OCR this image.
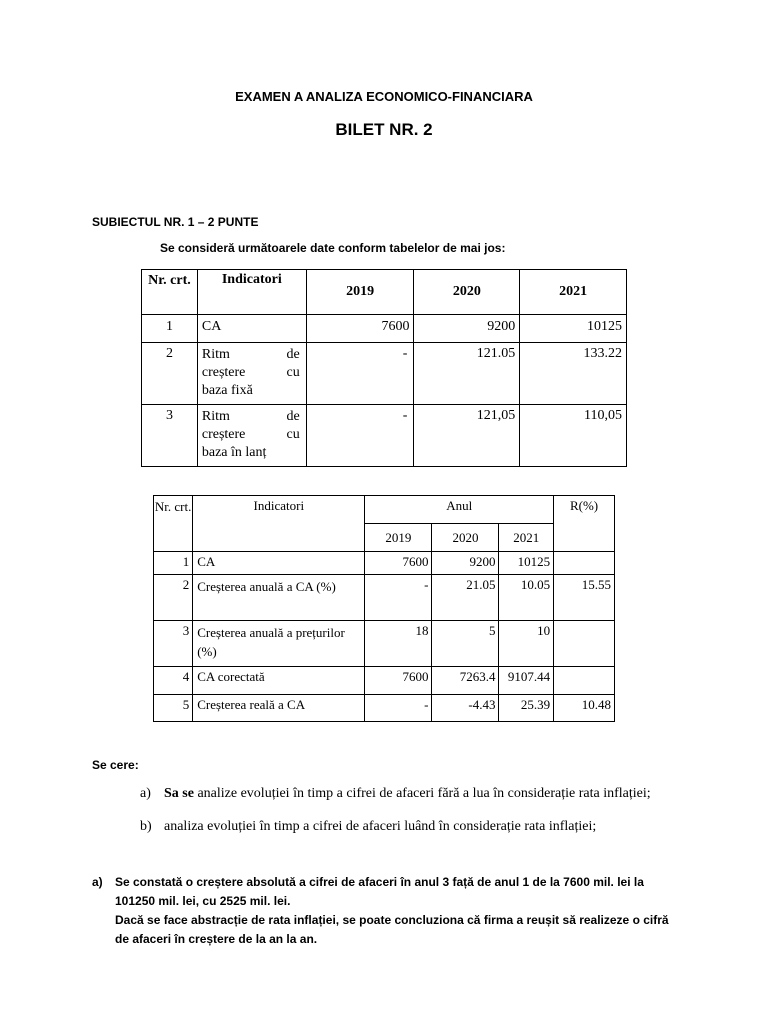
EXAMEN A ANALIZA ECONOMICO-FINANCIARA
BILET NR. 2
SUBIECTUL NR. 1 – 2 PUNTE
Se consideră următoarele date conform tabelelor de mai jos:
Nr. crt.	Indicatori	2019	2020	2021
1	CA	7600	9200	10125
2	Ritm de
creștere cu
baza fixă	-	121.05	133.22
3	Ritm de
creștere cu
baza în lanț	-	121,05	110,05
Nr. crt.	Indicatori	Anul			R(%)
		2019	2020	2021	
1	CA	7600	9200	10125	
2	Creșterea anuală a CA (%)	-	21.05	10.05	15.55
3	Creșterea anuală a prețurilor (%)	18	5	10	
4	CA corectată	7600	7263.4	9107.44	
5	Creșterea reală a CA	-	-4.43	25.39	10.48
Se cere:
a) Sa se analize evoluției în timp a cifrei de afaceri fără a lua în considerație rata inflației;
b) analiza evoluției în timp a cifrei de afaceri luând în considerație rata inflației;
a) Se constată o creștere absolută a cifrei de afaceri în anul 3 față de anul 1 de la 7600 mil. lei la
101250 mil. lei, cu 2525 mil. lei.
Dacă se face abstracție de rata inflației, se poate concluziona că firma a reușit să realizeze o cifră
de afaceri în creștere de la an la an.
